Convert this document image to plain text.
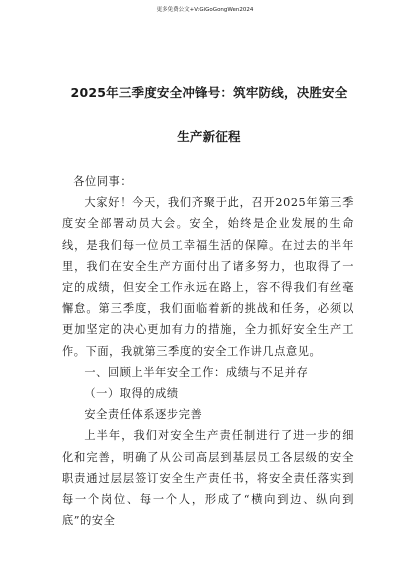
更多免费公文+V:GiGoGongWen2024
2025年三季度安全冲锋号：筑牢防线，决胜安全生产新征程

各位同事：

大家好！今天，我们齐聚于此，召开2025年第三季度安全部署动员大会。安全，始终是企业发展的生命线，是我们每一位员工幸福生活的保障。在过去的半年里，我们在安全生产方面付出了诸多努力，也取得了一定的成绩，但安全工作永远在路上，容不得我们有丝毫懈怠。第三季度，我们面临着新的挑战和任务，必须以更加坚定的决心更加有力的措施，全力抓好安全生产工作。下面，我就第三季度的安全工作讲几点意见。

一、回顾上半年安全工作：成绩与不足并存

（一）取得的成绩

安全责任体系逐步完善

上半年，我们对安全生产责任制进行了进一步的细化和完善，明确了从公司高层到基层员工各层级的安全职责通过层层签订安全生产责任书，将安全责任落实到每一个岗位、每一个人，形成了“横向到边、纵向到底”的安全
